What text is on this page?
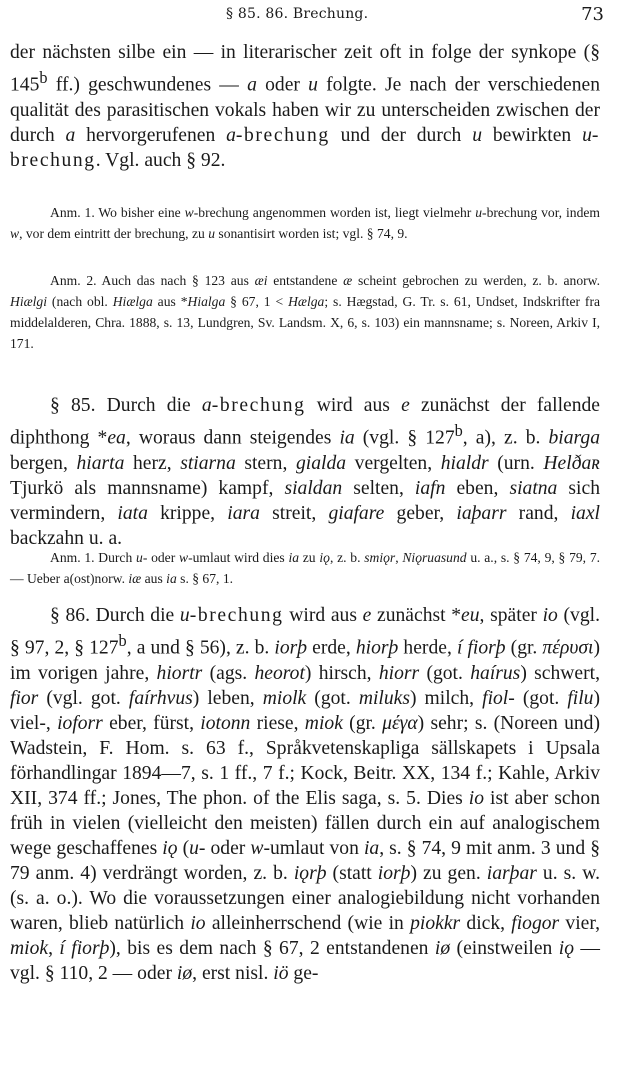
§ 85. 86. Brechung.	73

der nächsten silbe ein — in literarischer zeit oft in folge der synkope (§ 145$^b$ ff.) geschwundenes — a oder u folgte. Je nach der verschiedenen qualität des parasitischen vokals haben wir zu unterscheiden zwischen der durch a hervorgerufenen a-brechung und der durch u bewirkten u-brechung. Vgl. auch § 92.

Anm. 1. Wo bisher eine w-brechung angenommen worden ist, liegt vielmehr u-brechung vor, indem w, vor dem eintritt der brechung, zu u sonantisirt worden ist; vgl. § 74, 9.

Anm. 2. Auch das nach § 123 aus æi entstandene æ scheint gebrochen zu werden, z. b. anorw. Hiælgi (nach obl. Hiælga aus *Hialga § 67, 1 < Hælga; s. Hægstad, G. Tr. s. 61, Undset, Indskrifter fra middelalderen, Chra. 1888, s. 13, Lundgren, Sv. Landsm. X, 6, s. 103) ein mannsname; s. Noreen, Arkiv I, 171.

§ 85. Durch die a-brechung wird aus e zunächst der fallende diphthong *ea, woraus dann steigendes ia (vgl. § 127$^b$, a), z. b. biarga bergen, hiarta herz, stiarna stern, gialda vergelten, hialdr (urn. Helðaʀ Tjurkö als mannsname) kampf, sialdan selten, iafn eben, siatna sich vermindern, iata krippe, iara streit, giafare geber, iaþarr rand, iaxl backzahn u. a.

Anm. 1. Durch u- oder w-umlaut wird dies ia zu iǫ, z. b. smiǫr, Niǫruasund u. a., s. § 74, 9, § 79, 7. — Ueber a(ost)norw. iæ aus ia s. § 67, 1.

§ 86. Durch die u-brechung wird aus e zunächst *eu, später io (vgl. § 97, 2, § 127$^b$, a und § 56), z. b. iorþ erde, hiorþ herde, í fiorþ (gr. πέρυσι) im vorigen jahre, hiortr (ags. heorot) hirsch, hiorr (got. haírus) schwert, fior (vgl. got. faírhvus) leben, miolk (got. miluks) milch, fiol- (got. filu) viel-, ioforr eber, fürst, iotonn riese, miok (gr. μέγα) sehr; s. (Noreen und) Wadstein, F. Hom. s. 63 f., Språkvetenskapliga sällskapets i Upsala förhandlingar 1894—7, s. 1 ff., 7 f.; Kock, Beitr. XX, 134 f.; Kahle, Arkiv XII, 374 ff.; Jones, The phon. of the Elis saga, s. 5. Dies io ist aber schon früh in vielen (vielleicht den meisten) fällen durch ein auf analogischem wege geschaffenes iǫ (u- oder w-umlaut von ia, s. § 74, 9 mit anm. 3 und § 79 anm. 4) verdrängt worden, z. b. iǫrþ (statt iorþ) zu gen. iarþar u. s. w. (s. a. o.). Wo die voraussetzungen einer analogiebildung nicht vorhanden waren, blieb natürlich io alleinherrschend (wie in piokkr dick, fiogor vier, miok, í fiorþ), bis es dem nach § 67, 2 entstandenen iø (einstweilen iǫ — vgl. § 110, 2 — oder iø, erst nisl. iö ge-
